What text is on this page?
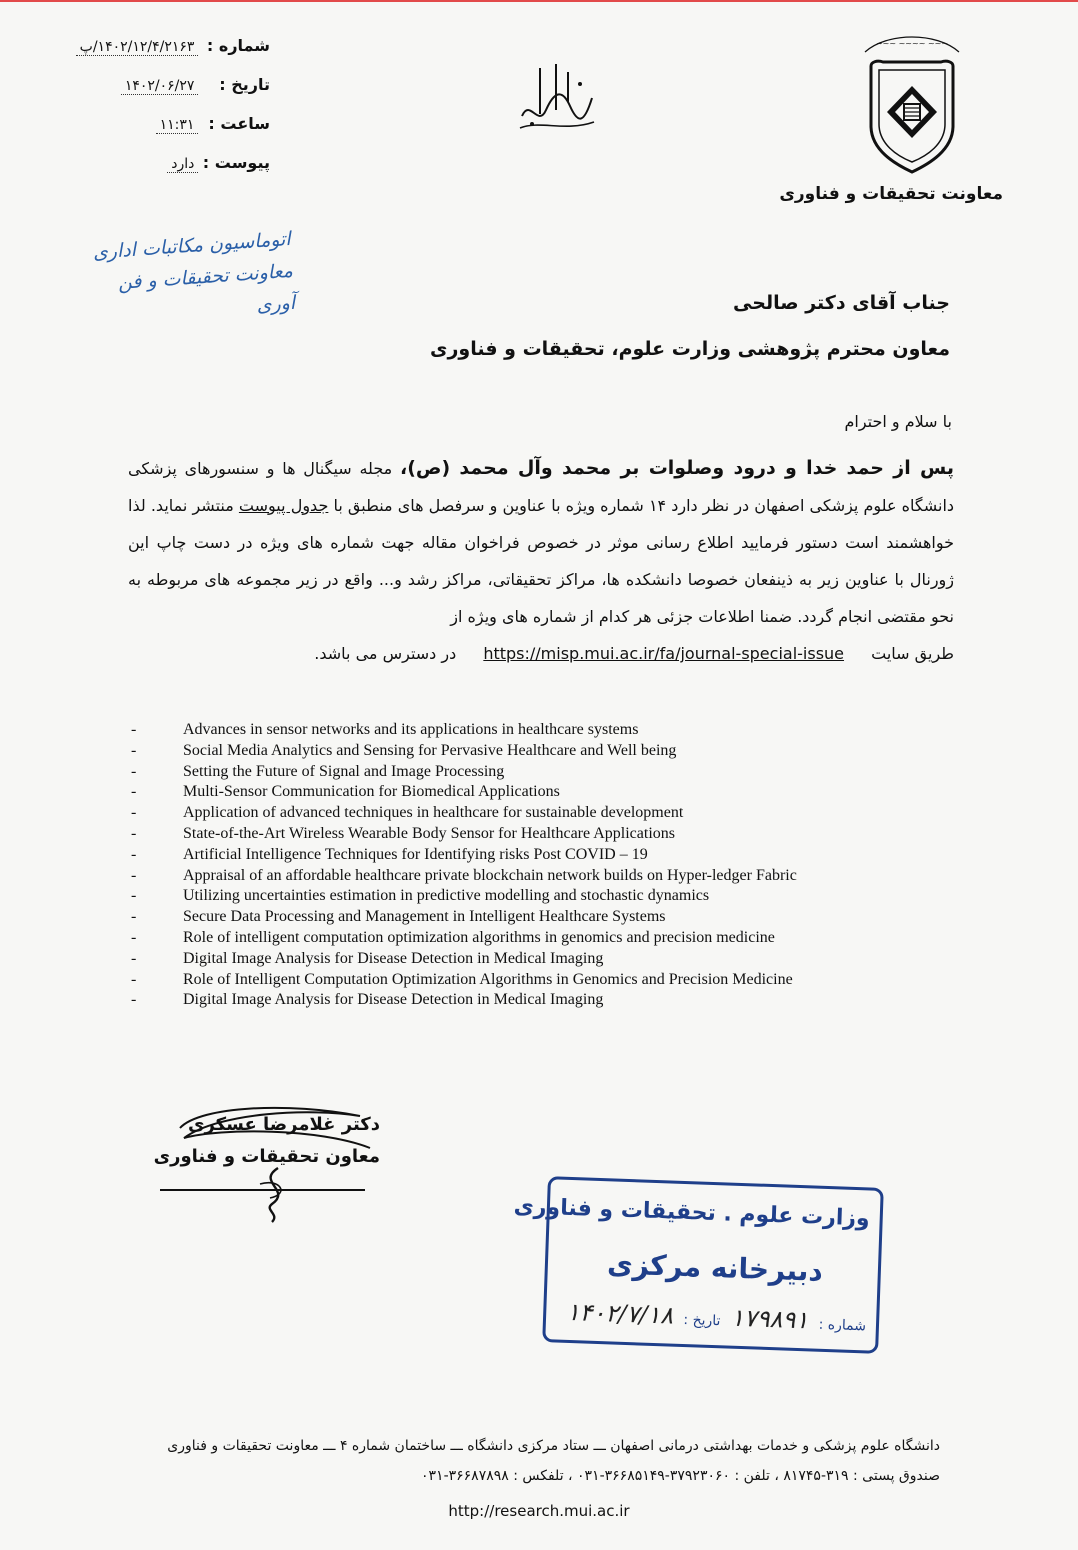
شماره : ۱۴۰۲/۱۲/۴/۲۱۶۳/پ
تاریخ : ۱۴۰۲/۰۶/۲۷
ساعت : ۱۱:۳۱
پیوست : دارد
~~~ ~~~~ ~~~
معاونت تحقیقات و فناوری
اتوماسیون مکاتبات اداری
معاونت تحقیقات و فن آوری	جناب آقای دکتر صالحی
معاون محترم پژوهشی وزارت علوم، تحقیقات و فناوری
با سلام و احترام
پس از حمد خدا و درود وصلوات بر محمد وآل محمد (ص)، مجله سیگنال ها و سنسورهای پزشکی دانشگاه علوم پزشکی اصفهان در نظر دارد ۱۴ شماره ویژه با عناوین و سرفصل های منطبق با جدول پیوست منتشر نماید. لذا خواهشمند است دستور فرمایید اطلاع رسانی موثر در خصوص فراخوان مقاله جهت شماره های ویژه در دست چاپ این ژورنال با عناوین زیر به ذینفعان خصوصا دانشکده ها، مراکز تحقیقاتی، مراکز رشد و... واقع در زیر مجموعه های مربوطه به نحو مقتضی انجام گردد. ضمنا اطلاعات جزئی هر کدام از شماره های ویژه از
طریق سایت https://misp.mui.ac.ir/fa/journal-special-issue در دسترس می باشد.
-	Advances in sensor networks and its applications in healthcare systems
-	Social Media Analytics and Sensing for Pervasive Healthcare and Well being
-	Setting the Future of Signal and Image Processing
-	Multi-Sensor Communication for Biomedical Applications
-	Application of advanced techniques in healthcare for sustainable development
-	State-of-the-Art Wireless Wearable Body Sensor for Healthcare Applications
-	Artificial Intelligence Techniques for Identifying risks Post COVID – 19
-	Appraisal of an affordable healthcare private blockchain network builds on Hyper-ledger Fabric
-	Utilizing uncertainties estimation in predictive modelling and stochastic dynamics
-	Secure Data Processing and Management in Intelligent Healthcare Systems
-	Role of intelligent computation optimization algorithms in genomics and precision medicine
-	Digital Image Analysis for Disease Detection in Medical Imaging
-	Role of Intelligent Computation Optimization Algorithms in Genomics and Precision Medicine
-	Digital Image Analysis for Disease Detection in Medical Imaging
دکتر غلامرضا عسکری
معاون تحقیقات و فناوری
وزارت علوم . تحقیقات و فناوری
دبیرخانه مرکزی
شماره : ۱۷۹۸۹۱ تاریخ : ۱۴۰۲/۷/۱۸
دانشگاه علوم پزشکی و خدمات بهداشتی درمانی اصفهان ـــ ستاد مرکزی دانشگاه ـــ ساختمان شماره ۴ ـــ معاونت تحقیقات و فناوری
صندوق پستی : ۳۱۹-۸۱۷۴۵ ، تلفن : ۳۷۹۲۳۰۶۰-۳۶۶۸۵۱۴۹-۰۳۱ ، تلفکس : ۳۶۶۸۷۸۹۸-۰۳۱
http://research.mui.ac.ir
